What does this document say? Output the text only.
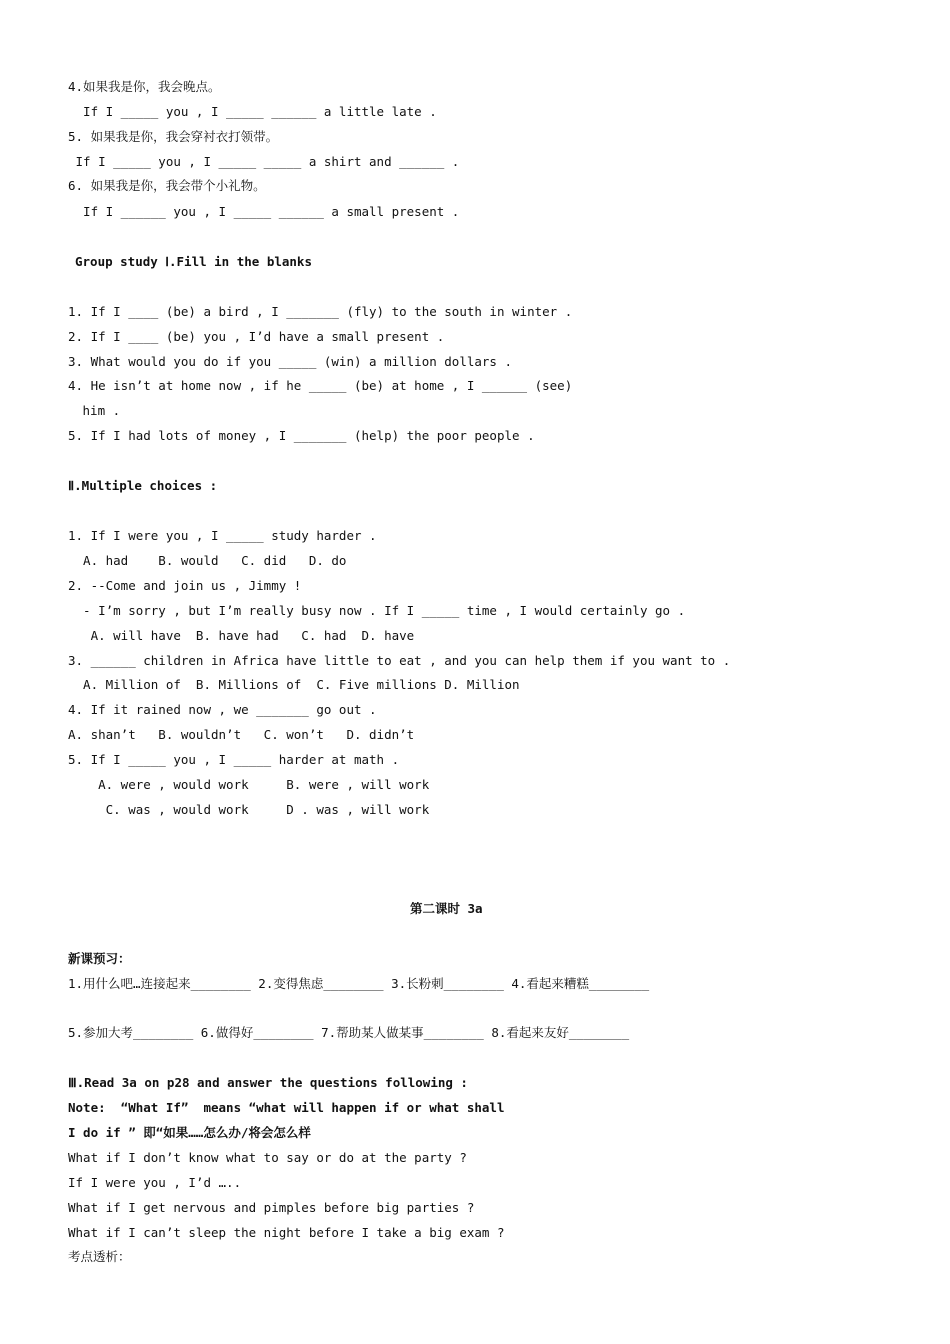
4.如果我是你，我会晚点。
If I _____ you , I _____ ______ a little late .
5. 如果我是你，我会穿衬衣打领带。
If I _____ you , I _____ _____ a shirt and ______ .
6. 如果我是你，我会带个小礼物。
If I ______ you , I _____ ______ a small present .
Group study Ⅰ.Fill in the blanks
1. If I ____ (be) a bird , I _______ (fly) to the south in winter .
2. If I ____ (be) you , I’d have a small present .
3. What would you do if you _____ (win) a million dollars .
4. He isn’t at home now , if he _____ (be) at home , I ______ (see)
him .
5. If I had lots of money , I _______ (help) the poor people .
Ⅱ.Multiple choices :
1. If I were you , I _____ study harder .
A. had    B. would   C. did   D. do
2. --Come and join us , Jimmy !
- I’m sorry , but I’m really busy now . If I _____ time , I would certainly go .
A. will have  B. have had   C. had  D. have
3. ______ children in Africa have little to eat , and you can help them if you want to .
A. Million of  B. Millions of  C. Five millions D. Million
4. If it rained now , we _______ go out .
A. shan’t   B. wouldn’t   C. won’t   D. didn’t
5. If I _____ you , I _____ harder at math .
A. were , would work     B. were , will work
C. was , would work     D . was , will work
第二课时 3a
新课预习：
1.用什么吧…连接起来________ 2.变得焦虑________ 3.长粉刺________ 4.看起来糟糕________
5.参加大考________ 6.做得好________ 7.帮助某人做某事________ 8.看起来友好________
Ⅲ.Read 3a on p28 and answer the questions following :
Note:  “What If”  means “what will happen if or what shall
I do if ” 即“如果……怎么办/将会怎么样
What if I don’t know what to say or do at the party ?
If I were you , I’d …..
What if I get nervous and pimples before big parties ?
What if I can’t sleep the night before I take a big exam ?
考点透析：
